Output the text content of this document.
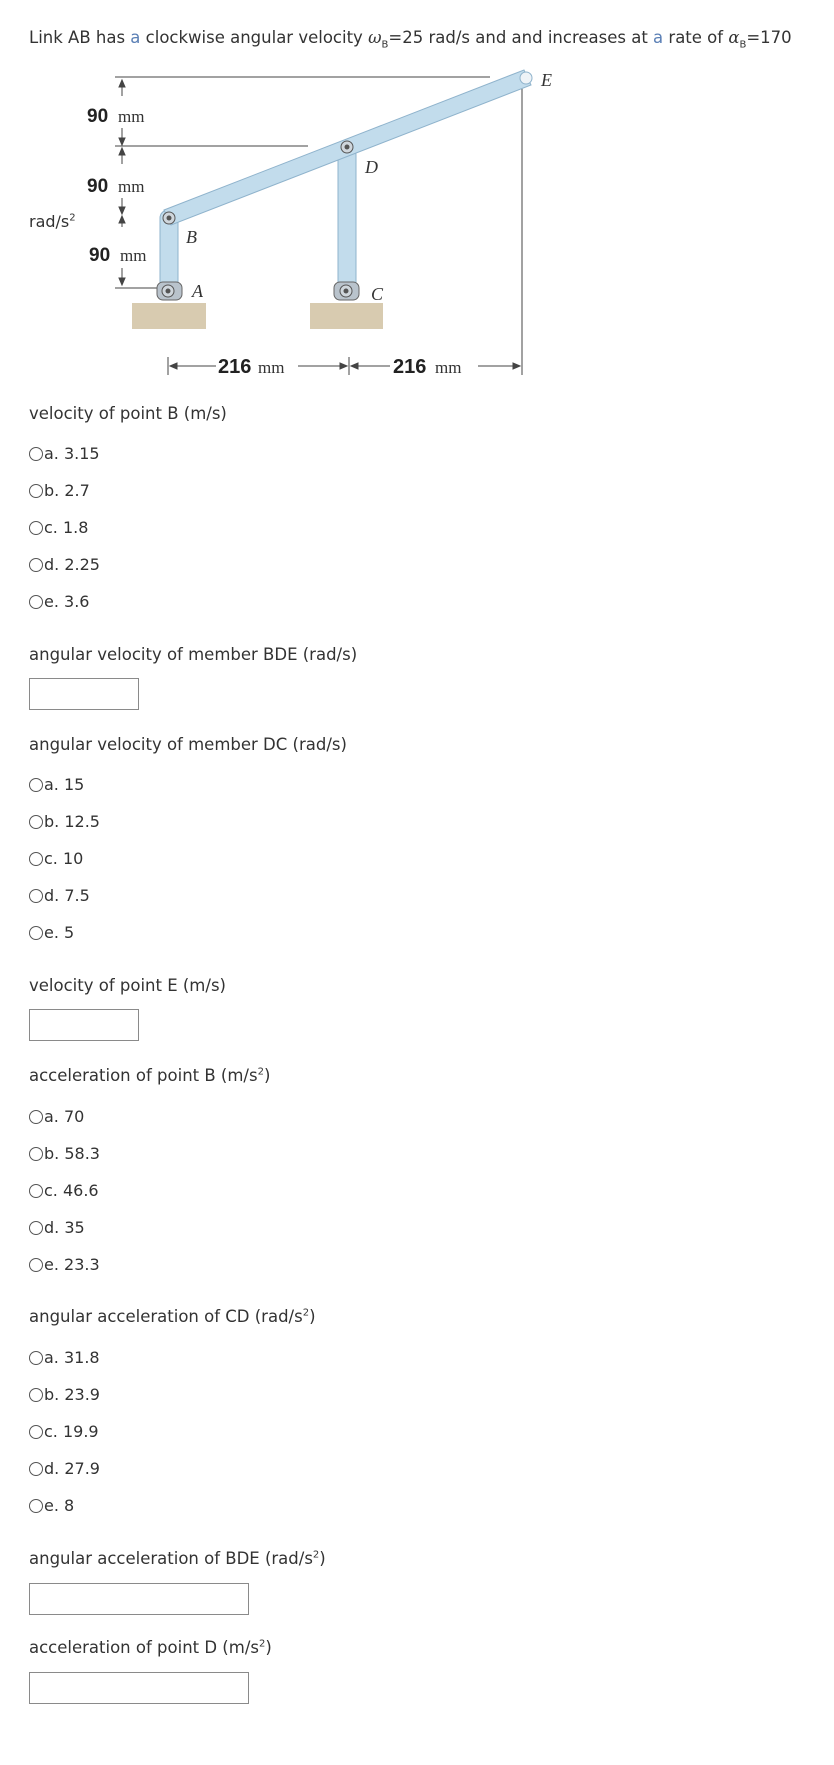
Link AB has a clockwise angular velocity $\omega_B=25$ rad/s and and increases at a rate of $\alpha_B=170$
rad/$s^2$
90 mm
90 mm
90 mm
216 mm	216 mm
B
A
D
C
E
velocity of point B (m/s)
a. 3.15
b. 2.7
c. 1.8
d. 2.25
e. 3.6
angular velocity of member BDE (rad/s)
angular velocity of member DC (rad/s)
a. 15
b. 12.5
c. 10
d. 7.5
e. 5
velocity of point E (m/s)
acceleration of point B $(m/s^2)$
a. 70
b. 58.3
c. 46.6
d. 35
e. 23.3
angular acceleration of CD $(rad/s^2)$
a. 31.8
b. 23.9
c. 19.9
d. 27.9
e. 8
angular acceleration of BDE $(rad/s^2)$
acceleration of point D $(m/s^2)$
